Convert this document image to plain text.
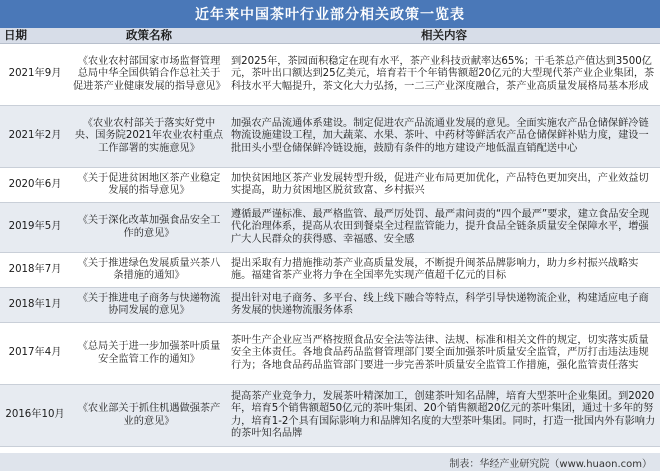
近年来中国茶叶行业部分相关政策一览表
日期	政策名称	相关内容
2021年9月	《农业农村部国家市场监督管理总局中华全国供销合作总社关于促进茶产业健康发展的指导意见》	到2025年，茶园面积稳定在现有水平，茶产业科技贡献率达65%；干毛茶总产值达到3500亿元，茶叶出口额达到25亿美元，培育若干个年销售额超20亿元的大型现代茶产业企业集团，茶科技水平大幅提升，茶文化大力弘扬，一二三产业深度融合，茶产业高质量发展格局基本形成
2021年2月	《农业农村部关于落实好党中央、国务院2021年农业农村重点工作部署的实施意见》	加强农产品流通体系建设。制定促进农产品流通业发展的意见。全面实施农产品仓储保鲜冷链物流设施建设工程，加大蔬菜、水果、茶叶、中药材等鲜活农产品仓储保鲜补贴力度，建设一批田头小型仓储保鲜冷链设施，鼓励有条件的地方建设产地低温直销配送中心
2020年6月	《关于促进贫困地区茶产业稳定发展的指导意见》	加快贫困地区茶产业发展转型升级，促进产业布局更加优化，产品特色更加突出，产业效益切实提高，助力贫困地区脱贫致富、乡村振兴
2019年5月	《关于深化改革加强食品安全工作的意见》	遵循最严谨标准、最严格监管、最严厉处罚、最严肃问责的“四个最严”要求，建立食品安全现代化治理体系，提高从农田到餐桌全过程监管能力，提升食品全链条质量安全保障水平，增强广大人民群众的获得感、幸福感、安全感
2018年7月	《关于推进绿色发展质量兴茶八条措施的通知》	提出采取有力措施推动茶产业高质量发展，不断提升闽茶品牌影响力，助力乡村振兴战略实施。福建省茶产业将力争在全国率先实现产值超千亿元的目标
2018年1月	《关于推进电子商务与快递物流协同发展的意见》	提出针对电子商务、多平台、线上线下融合等特点，科学引导快递物流企业，构建适应电子商务发展的快递物流服务体系
2017年4月	《总局关于进一步加强茶叶质量安全监管工作的通知》	茶叶生产企业应当严格按照食品安全法等法律、法规、标准和相关文件的规定，切实落实质量安全主体责任。各地食品药品监督管理部门要全面加强茶叶质量安全监管，严厉打击违法违规行为；各地食品药品监管部门要进一步完善茶叶质量安全监管工作措施，强化监管责任落实
2016年10月	《农业部关于抓住机遇做强茶产业的意见》	提高茶产业竞争力，发展茶叶精深加工，创建茶叶知名品牌，培育大型茶叶企业集团。到2020年，培育5个销售额超50亿元的茶叶集团、20个销售额超20亿元的茶叶集团，通过十多年的努力，培育1-2个具有国际影响力和品牌知名度的大型茶叶集团。同时，打造一批国内外有影响力的茶叶知名品牌
制表：华经产业研究院（www.huaon.com）
